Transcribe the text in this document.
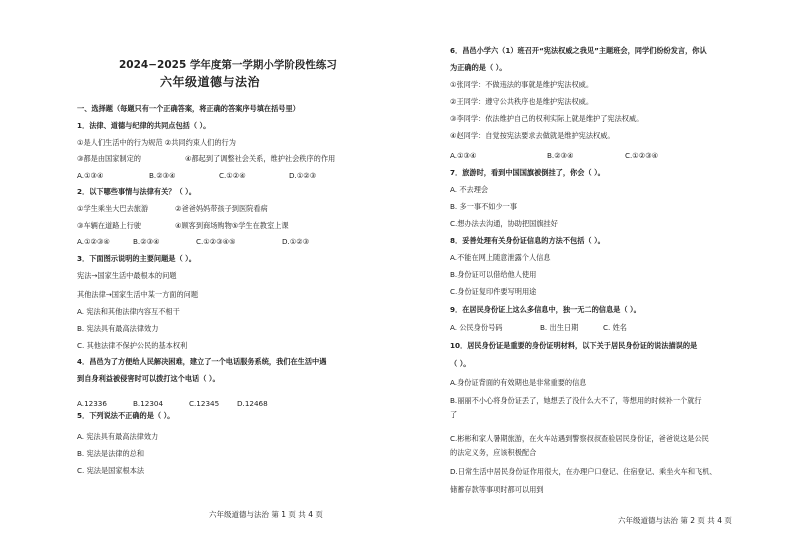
2024−2025 学年度第一学期小学阶段性练习
六年级道德与法治
一、选择题（每题只有一个正确答案，将正确的答案序号填在括号里）
1．法律、道德与纪律的共同点包括（ ）。
①是人们生活中的行为规范 ②共同约束人们的行为
③都是由国家制定的	④都起到了调整社会关系，维护社会秩序的作用
A.①③④	B.②③④	C.①②④	D.①②③
2．以下哪些事情与法律有关？（ ）。
①学生乘坐大巴去旅游	②爸爸妈妈带孩子到医院看病
③车辆在道路上行驶	④顾客到商场购物⑤学生在教室上课
A.①②③④	B.②③④	C.①②③④⑤	D.①②③
3．下面图示说明的主要问题是（ ）。
宪法→国家生活中最根本的问题
其他法律→国家生活中某一方面的问题
A. 宪法和其他法律内容互不相干
B. 宪法具有最高法律效力
C. 其他法律不保护公民的基本权利
4．昌邑为了方便给人民解决困难，建立了一个电话服务系统，我们在生活中遇
到自身利益被侵害时可以拨打这个电话（ ）。
A.12336	B.12304	C.12345 D.12468
5．下列说法不正确的是（ ）。
A. 宪法具有最高法律效力
B. 宪法是法律的总和
C. 宪法是国家根本法
六年级道德与法治 第 1 页 共 4 页
6．昌邑小学六（1）班召开“宪法权威之我见”主题班会，同学们纷纷发言，你认
为正确的是（ ）。
①张同学：不做违法的事就是维护宪法权威。
②王同学：遵守公共秩序也是维护宪法权威。
③李同学：依法维护自己的权利实际上就是维护了宪法权威。
④赵同学：自觉按宪法要求去做就是维护宪法权威。
A.①③④	B.②③④	C.①②③④
7．旅游时，看到中国国旗被倒挂了，你会（ ）。
A. 不去理会
B. 多一事不如少一事
C.想办法去沟通，协助把国旗挂好
8．妥善处理有关身份证信息的方法不包括（ ）。
A.不能在网上随意泄露个人信息
B.身份证可以借给他人使用
C.身份证复印件要写明用途
9．在居民身份证上这么多信息中，独一无二的信息是（ ）。
A. 公民身份号码	B. 出生日期	C. 姓名
10．居民身份证是重要的身份证明材料，以下关于居民身份证的说法描误的是
（ ）。
A.身份证背面的有效期也是非常重要的信息
B.丽丽不小心将身份证丢了，她想丢了没什么大不了，等想用的时候补一个就行
了
C.彬彬和家人暑期旅游，在火车站遇到警察叔叔查验居民身份证，爸爸说这是公民
的法定义务，应该积极配合
D.日常生活中居民身份证作用很大，在办理户口登记、住宿登记、乘坐火车和飞机、
储蓄存款等事项时都可以用到
六年级道德与法治 第 2 页 共 4 页
